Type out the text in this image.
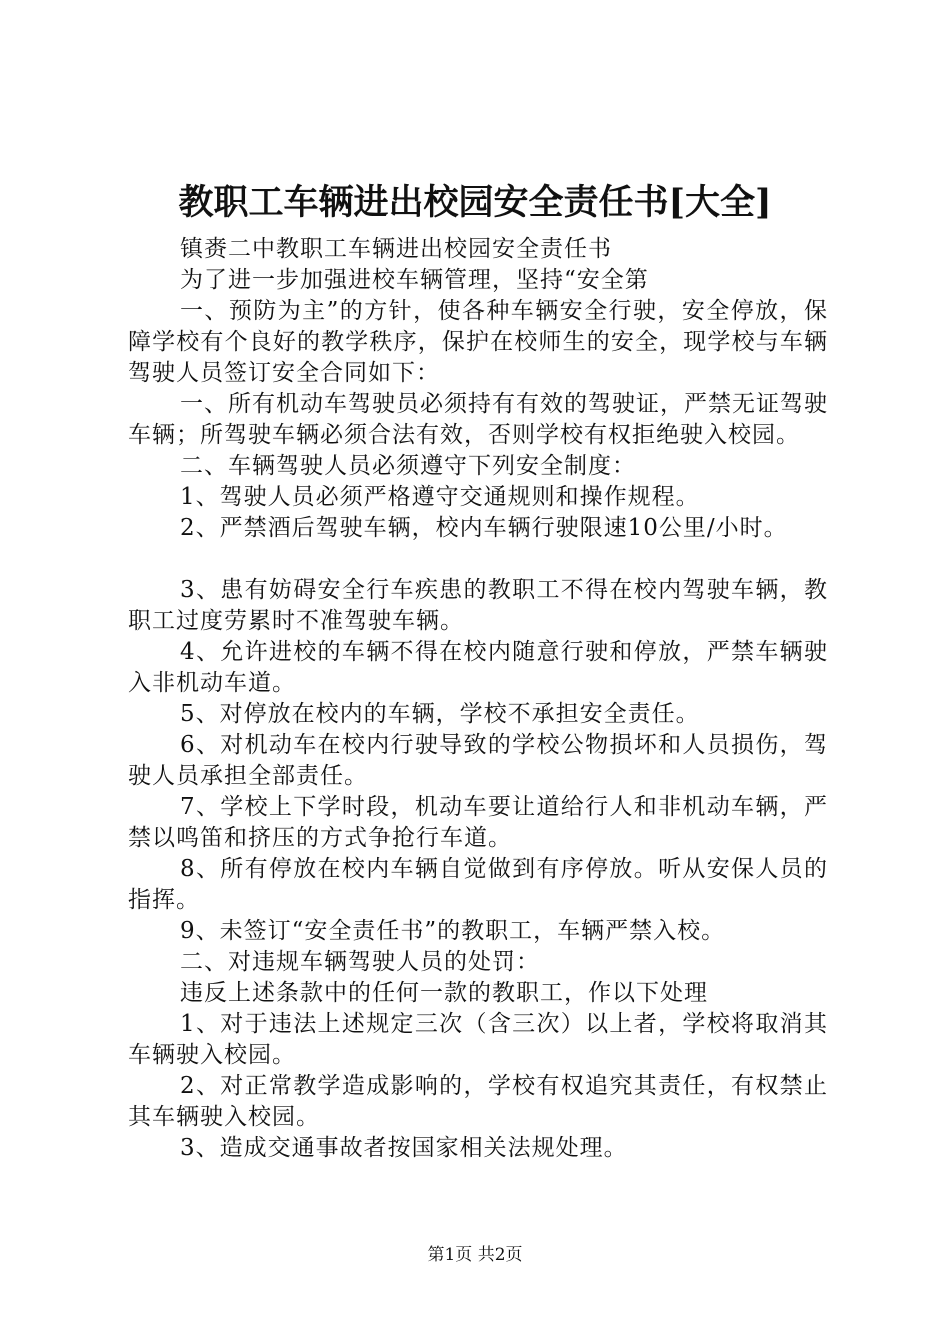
教职工车辆进出校园安全责任书[大全]

镇赉二中教职工车辆进出校园安全责任书

为了进一步加强进校车辆管理，坚持“安全第

一、预防为主”的方针，使各种车辆安全行驶，安全停放，保障学校有个良好的教学秩序，保护在校师生的安全，现学校与车辆驾驶人员签订安全合同如下：

一、所有机动车驾驶员必须持有有效的驾驶证，严禁无证驾驶车辆；所驾驶车辆必须合法有效，否则学校有权拒绝驶入校园。

二、车辆驾驶人员必须遵守下列安全制度：

1、驾驶人员必须严格遵守交通规则和操作规程。

2、严禁酒后驾驶车辆，校内车辆行驶限速10公里/小时。

3、患有妨碍安全行车疾患的教职工不得在校内驾驶车辆，教职工过度劳累时不准驾驶车辆。

4、允许进校的车辆不得在校内随意行驶和停放，严禁车辆驶入非机动车道。

5、对停放在校内的车辆，学校不承担安全责任。

6、对机动车在校内行驶导致的学校公物损坏和人员损伤，驾驶人员承担全部责任。

7、学校上下学时段，机动车要让道给行人和非机动车辆，严禁以鸣笛和挤压的方式争抢行车道。

8、所有停放在校内车辆自觉做到有序停放。听从安保人员的指挥。

9、未签订“安全责任书”的教职工，车辆严禁入校。

二、对违规车辆驾驶人员的处罚：

违反上述条款中的任何一款的教职工，作以下处理

1、对于违法上述规定三次（含三次）以上者，学校将取消其车辆驶入校园。

2、对正常教学造成影响的，学校有权追究其责任，有权禁止其车辆驶入校园。

3、造成交通事故者按国家相关法规处理。

第1页 共2页
